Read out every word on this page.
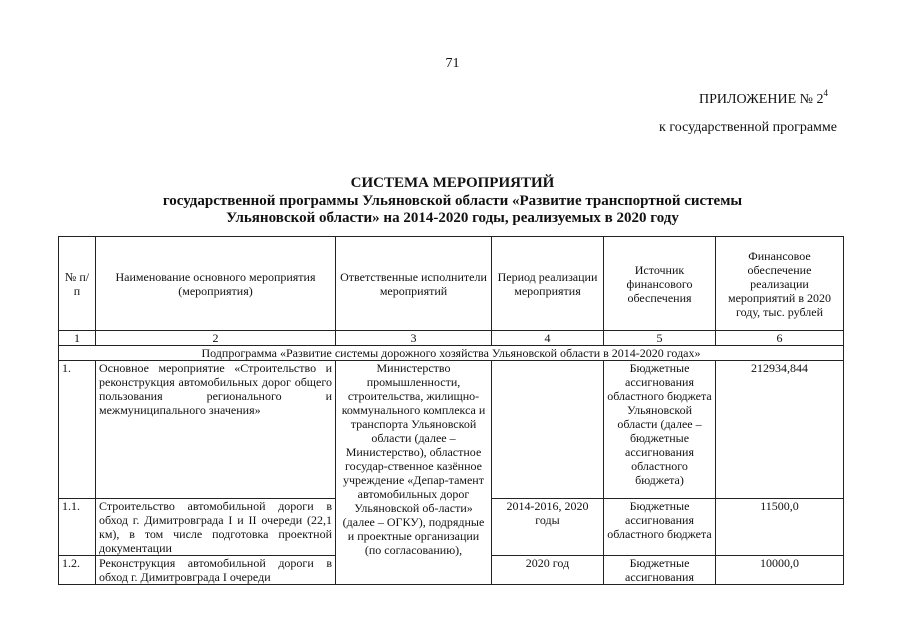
71
ПРИЛОЖЕНИЕ № $2^4$
к государственной программе
СИСТЕМА МЕРОПРИЯТИЙ
государственной программы Ульяновской области «Развитие транспортной системы
Ульяновской области» на 2014-2020 годы, реализуемых в 2020 году
№ п/п	Наименование основного мероприятия (мероприятия)	Ответственные исполнители мероприятий	Период реализации мероприятия	Источник финансового обеспечения	Финансовое обеспечение реализации мероприятий в 2020 году, тыс. рублей
1	2	3	4	5	6
Подпрограмма «Развитие системы дорожного хозяйства Ульяновской области в 2014-2020 годах»					
1.	Основное мероприятие «Строительство и реконструкция автомобильных дорог общего пользования регионального и межмуниципального значения»	Министерство промышленности, строительства, жилищно-коммунального комплекса и транспорта Ульяновской области (далее – Министерство), областное государ-ственное казённое учреждение «Депар-тамент автомобильных дорог Ульяновской об-ласти» (далее – ОГКУ), подрядные и проектные организации (по согласованию),		Бюджетные ассигнования областного бюджета Ульяновской области (далее – бюджетные ассигнования областного бюджета)	212934,844
1.1.	Строительство автомобильной дороги в обход г. Димитровграда I и II очереди (22,1 км), в том числе подготовка проектной документации		2014-2016, 2020 годы	Бюджетные ассигнования областного бюджета	11500,0
1.2.	Реконструкция автомобильной дороги в обход г. Димитровграда I очереди		2020 год	Бюджетные ассигнования	10000,0
